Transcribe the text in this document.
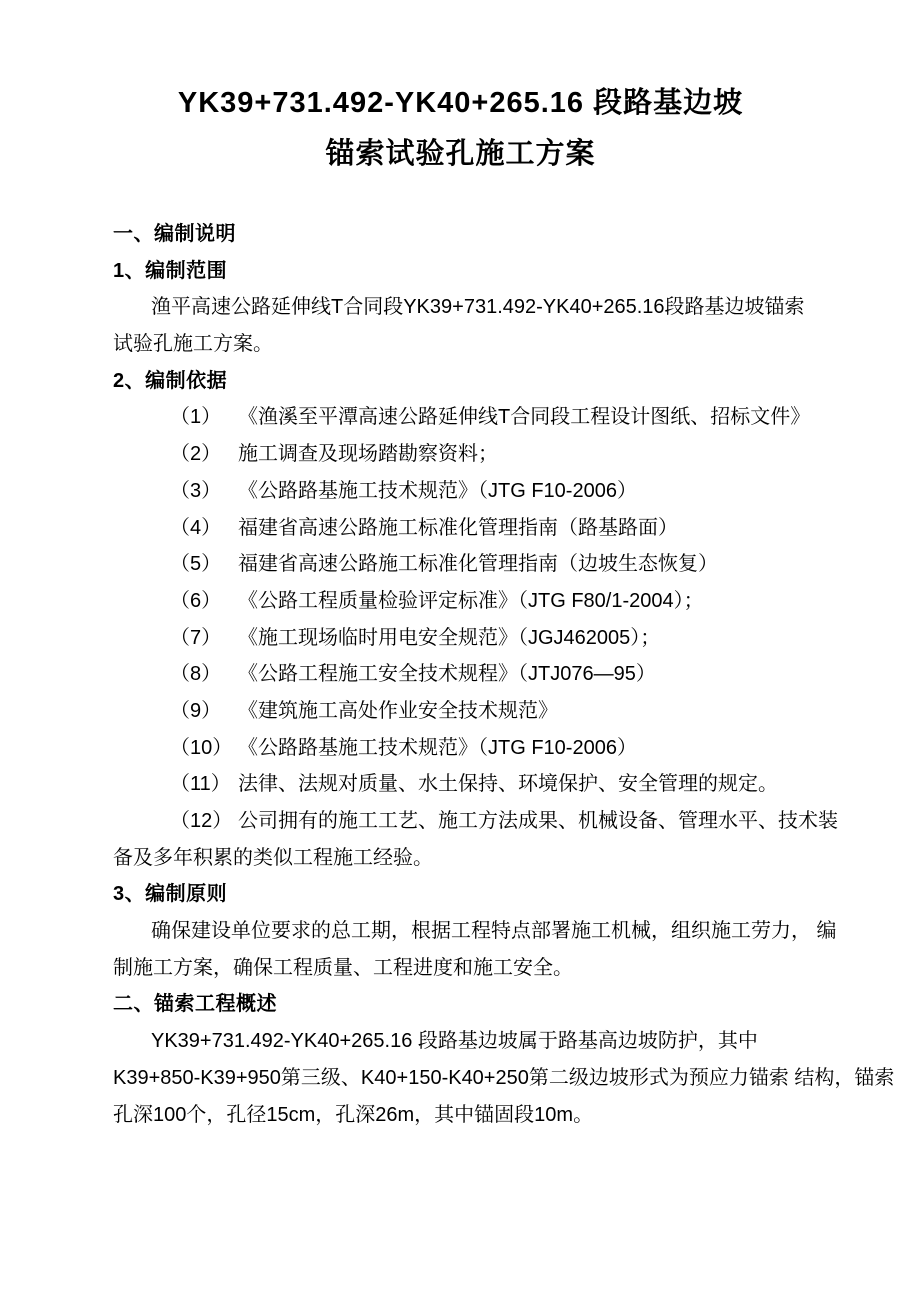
YK39+731.492-YK40+265.16 段路基边坡
锚索试验孔施工方案
一、编制说明
1、编制范围
渔平高速公路延伸线T合同段YK39+731.492-YK40+265.16段路基边坡锚索
试验孔施工方案。
2、编制依据
（1） 《渔溪至平潭高速公路延伸线T合同段工程设计图纸、招标文件》
（2） 施工调查及现场踏勘察资料；
（3） 《公路路基施工技术规范》（JTG F10-2006）
（4） 福建省高速公路施工标准化管理指南（路基路面）
（5） 福建省高速公路施工标准化管理指南（边坡生态恢复）
（6） 《公路工程质量检验评定标准》（JTG F80/1-2004）；
（7） 《施工现场临时用电安全规范》（JGJ462005）；
（8） 《公路工程施工安全技术规程》（JTJ076—95）
（9） 《建筑施工高处作业安全技术规范》
（10） 《公路路基施工技术规范》（JTG F10-2006）
（11） 法律、法规对质量、水土保持、环境保护、安全管理的规定。
（12） 公司拥有的施工工艺、施工方法成果、机械设备、管理水平、技术装
备及多年积累的类似工程施工经验。
3、编制原则
确保建设单位要求的总工期，根据工程特点部署施工机械，组织施工劳力， 编
制施工方案，确保工程质量、工程进度和施工安全。
二、锚索工程概述
YK39+731.492-YK40+265.16 段路基边坡属于路基高边坡防护，其中
K39+850-K39+950第三级、K40+150-K40+250第二级边坡形式为预应力锚索 结构，锚索
孔深100个，孔径15cm，孔深26m，其中锚固段10m。
